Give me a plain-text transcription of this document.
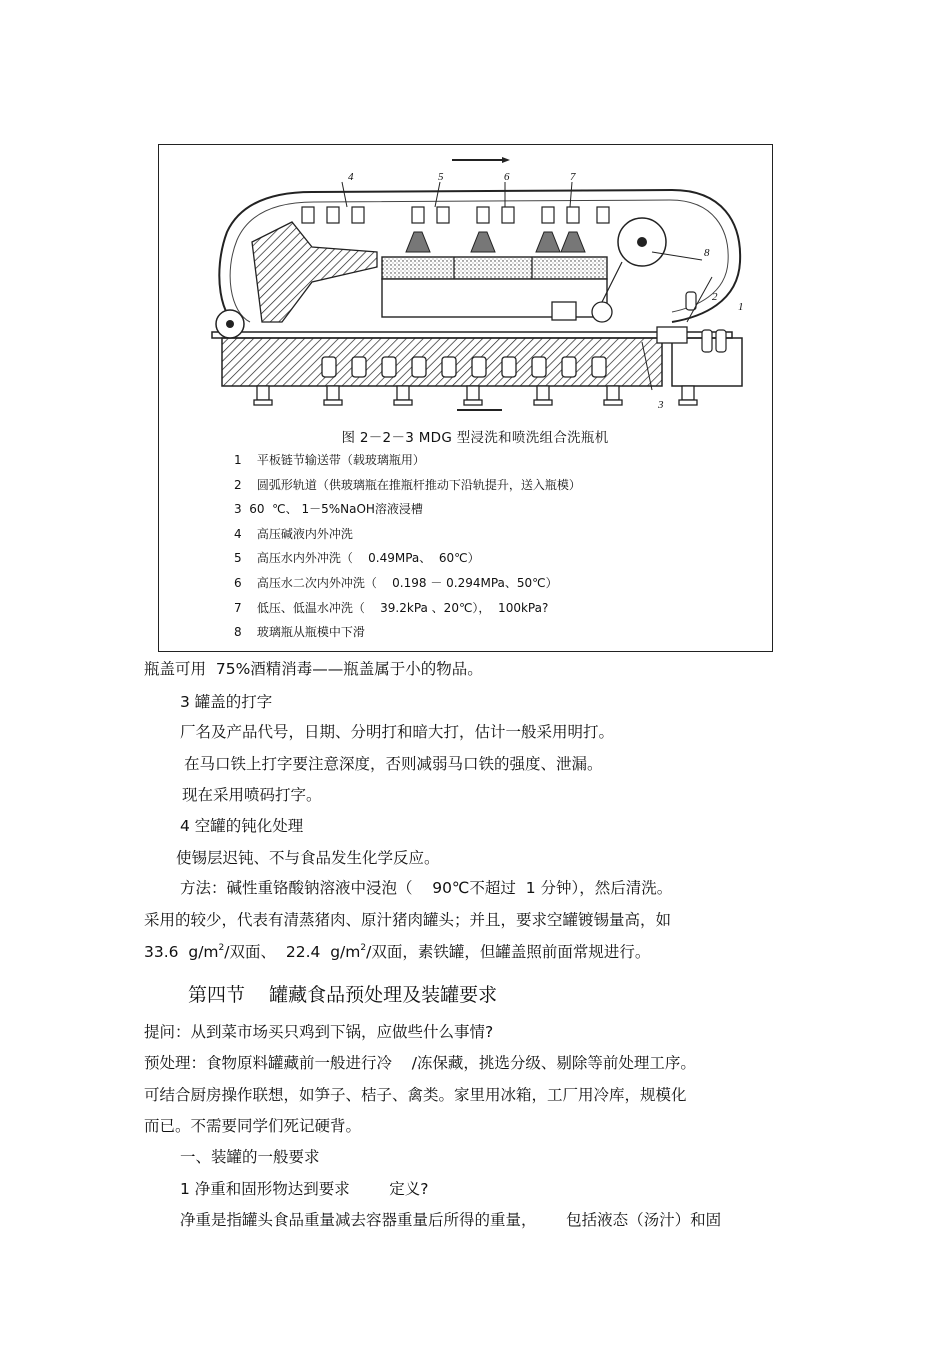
4	5	6	7
8
2
1
3
图 2－2－3 MDG 型浸洗和喷洗组合洗瓶机
1    平板链节输送带（载玻璃瓶用）
2    圆弧形轨道（供玻璃瓶在推瓶杆推动下沿轨提升，送入瓶模）
3  60  ℃、 1－5%NaOH溶液浸槽
4    高压碱液内外冲洗
5    高压水内外冲洗（    0.49MPa、  60℃）
6    高压水二次内外冲洗（    0.198 － 0.294MPa、50℃）
7    低压、低温水冲洗（    39.2kPa 、20℃），  100kPa?
8    玻璃瓶从瓶模中下滑
瓶盖可用  75%酒精消毒——瓶盖属于小的物品。
3 罐盖的打字
厂名及产品代号，日期、分明打和暗大打，估计一般采用明打。
在马口铁上打字要注意深度，否则减弱马口铁的强度、泄漏。
现在采用喷码打字。
4 空罐的钝化处理
使锡层迟钝、不与食品发生化学反应。
方法：碱性重铬酸钠溶液中浸泡（    90℃不超过  1 分钟），然后清洗。
采用的较少，代表有清蒸猪肉、原汁猪肉罐头；并且，要求空罐镀锡量高，如
33.6  $g/m^2/$双面、  22.4  $g/m^2/$双面，素铁罐，但罐盖照前面常规进行。
第四节    罐藏食品预处理及装罐要求
提问：从到菜市场买只鸡到下锅，应做些什么事情?
预处理：食物原料罐藏前一般进行冷    /冻保藏，挑选分级、剔除等前处理工序。
可结合厨房操作联想，如笋子、桔子、禽类。家里用冰箱，工厂用冷库，规模化
而已。不需要同学们死记硬背。
一、装罐的一般要求
1 净重和固形物达到要求        定义?
净重是指罐头食品重量减去容器重量后所得的重量，      包括液态（汤汁）和固
